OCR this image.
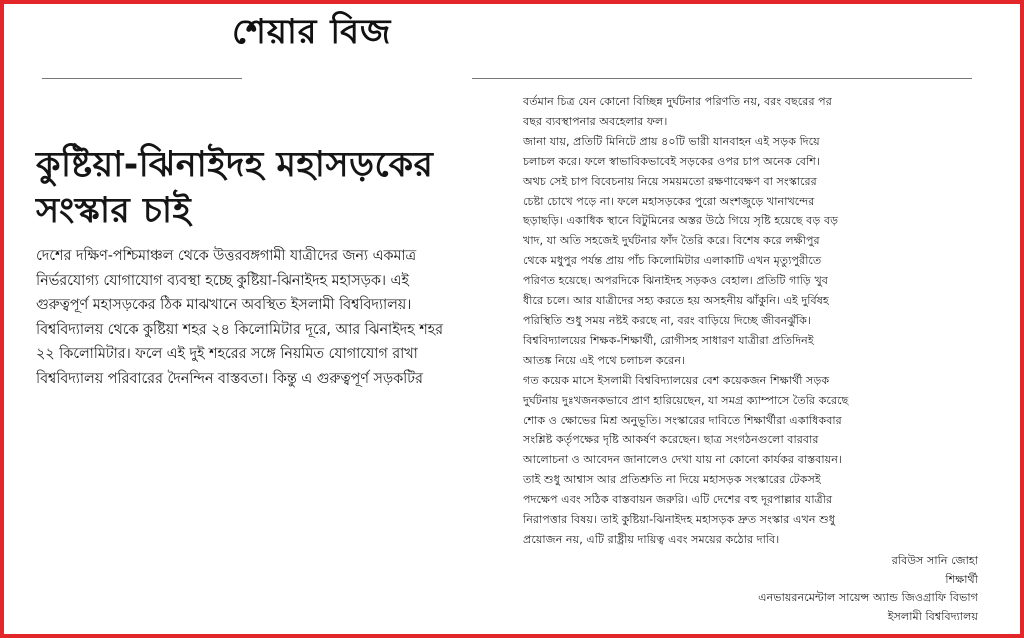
শেয়ার বিজ
কুষ্টিয়া-ঝিনাইদহ মহাসড়কের
সংস্কার চাই

দেশের দক্ষিণ-পশ্চিমাঞ্চল থেকে উত্তরবঙ্গগামী যাত্রীদের জন্য একমাত্র

নির্ভরযোগ্য যোগাযোগ ব্যবস্থা হচ্ছে কুষ্টিয়া-ঝিনাইদহ মহাসড়ক। এই

গুরুত্বপূর্ণ মহাসড়কের ঠিক মাঝখানে অবস্থিত ইসলামী বিশ্ববিদ্যালয়।

বিশ্ববিদ্যালয় থেকে কুষ্টিয়া শহর ২৪ কিলোমিটার দূরে, আর ঝিনাইদহ শহর

২২ কিলোমিটার। ফলে এই দুই শহরের সঙ্গে নিয়মিত যোগাযোগ রাখা

বিশ্ববিদ্যালয় পরিবারের দৈনন্দিন বাস্তবতা। কিন্তু এ গুরুত্বপূর্ণ সড়কটির

বর্তমান চিত্র যেন কোনো বিচ্ছিন্ন দুর্ঘটনার পরিণতি নয়, বরং বছরের পর

বছর ব্যবস্থাপনার অবহেলার ফল।

জানা যায়, প্রতিটি মিনিটে প্রায় ৪০টি ভারী যানবাহন এই সড়ক দিয়ে

চলাচল করে। ফলে স্বাভাবিকভাবেই সড়কের ওপর চাপ অনেক বেশি।

অথচ সেই চাপ বিবেচনায় নিয়ে সময়মতো রক্ষণাবেক্ষণ বা সংস্কারের

চেষ্টা চোখে পড়ে না। ফলে মহাসড়কের পুরো অংশজুড়ে খানাখন্দের

ছড়াছড়ি। একাধিক স্থানে বিটুমিনের অস্তর উঠে গিয়ে সৃষ্টি হয়েছে বড় বড়

খাদ, যা অতি সহজেই দুর্ঘটনার ফাঁদ তৈরি করে। বিশেষ করে লক্ষীপুর

থেকে মধুপুর পর্যন্ত প্রায় পাঁচ কিলোমিটার এলাকাটি এখন মৃত্যুপুরীতে

পরিণত হয়েছে। অপরদিকে ঝিনাইদহ সড়কও বেহাল। প্রতিটি গাড়ি খুব

ধীরে চলে। আর যাত্রীদের সহ্য করতে হয় অসহনীয় ঝাঁকুনি। এই দুর্বিষহ

পরিস্থিতি শুধু সময় নষ্টই করছে না, বরং বাড়িয়ে দিচ্ছে জীবনঝুঁকি।

বিশ্ববিদ্যালয়ের শিক্ষক-শিক্ষার্থী, রোগীসহ সাধারণ যাত্রীরা প্রতিদিনই

আতঙ্ক নিয়ে এই পথে চলাচল করেন।

গত কয়েক মাসে ইসলামী বিশ্ববিদ্যালয়ের বেশ কয়েকজন শিক্ষার্থী সড়ক

দুর্ঘটনায় দুঃখজনকভাবে প্রাণ হারিয়েছেন, যা সমগ্র ক্যাম্পাসে তৈরি করেছে

শোক ও ক্ষোভের মিশ্র অনুভূতি। সংস্কারের দাবিতে শিক্ষার্থীরা একাধিকবার

সংশ্লিষ্ট কর্তৃপক্ষের দৃষ্টি আকর্ষণ করেছেন। ছাত্র সংগঠনগুলো বারবার

আলোচনা ও আবেদন জানালেও দেখা যায় না কোনো কার্যকর বাস্তবায়ন।

তাই শুধু আশ্বাস আর প্রতিশ্রুতি না দিয়ে মহাসড়ক সংস্কারের টেকসই

পদক্ষেপ এবং সঠিক বাস্তবায়ন জরুরি। এটি দেশের বহু দূরপাল্লার যাত্রীর

নিরাপত্তার বিষয়। তাই কুষ্টিয়া-ঝিনাইদহ মহাসড়ক দ্রুত সংস্কার এখন শুধু

প্রয়োজন নয়, এটি রাষ্ট্রীয় দায়িত্ব এবং সময়ের কঠোর দাবি।

রবিউস সানি জোহা

শিক্ষার্থী

এনভায়রনমেন্টাল সায়েন্স অ্যান্ড জিওগ্রাফি বিভাগ

ইসলামী বিশ্ববিদ্যালয়
